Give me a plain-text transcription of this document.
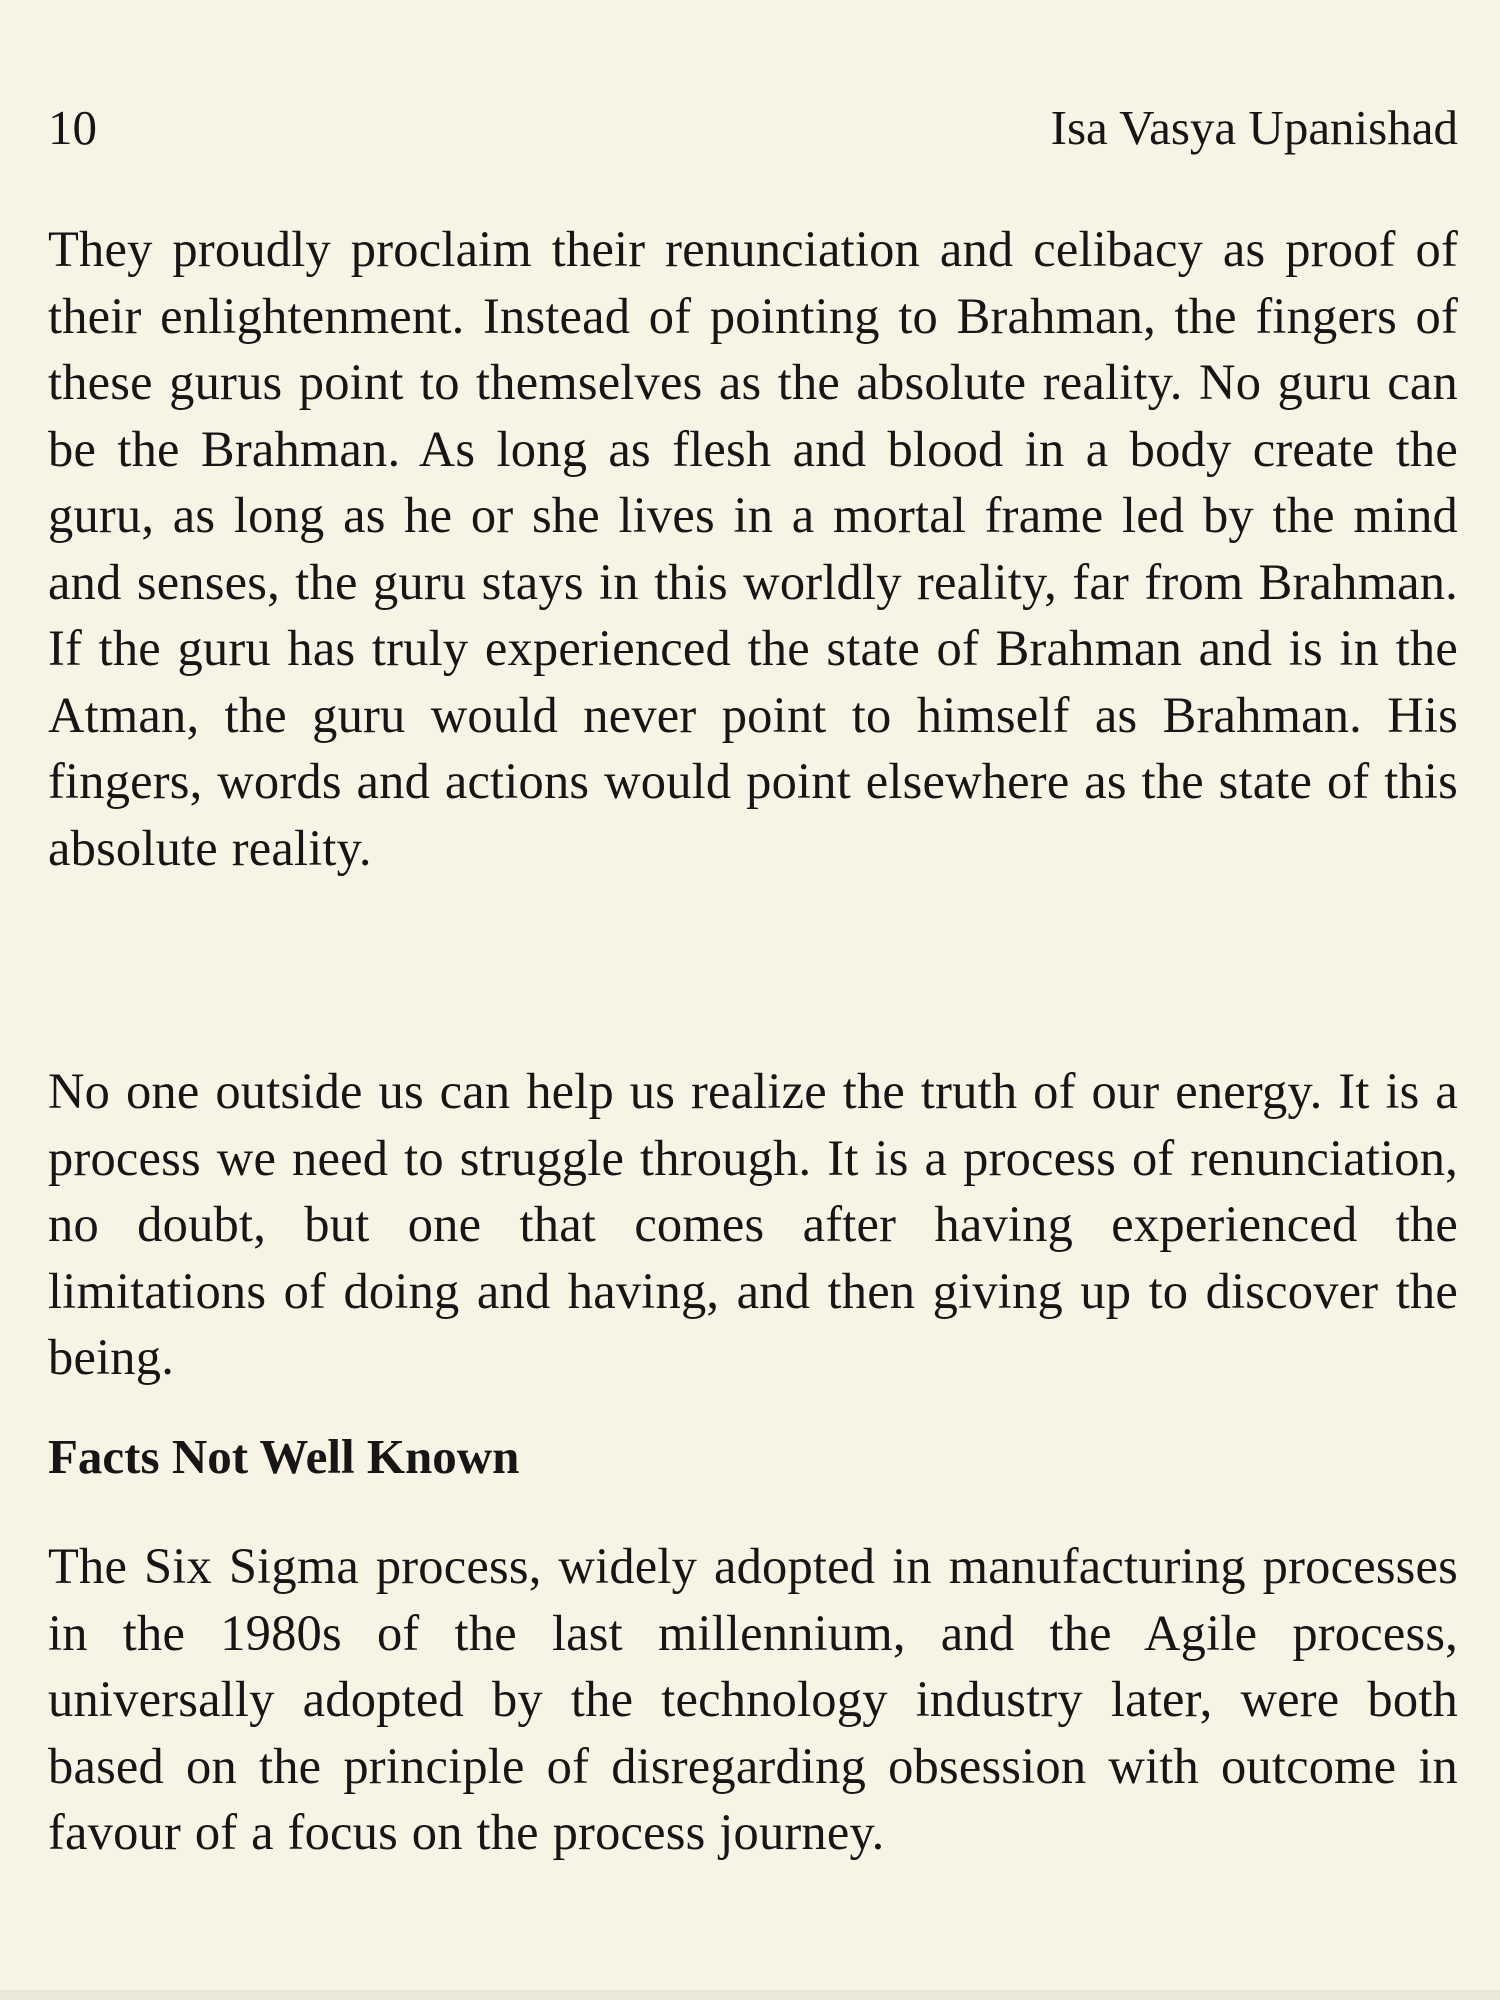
10	Isa Vasya Upanishad

They proudly proclaim their renunciation and celibacy as proof of their enlightenment. Instead of pointing to Brahman, the fingers of these gurus point to themselves as the absolute reality. No guru can be the Brahman. As long as flesh and blood in a body create the guru, as long as he or she lives in a mortal frame led by the mind and senses, the guru stays in this worldly reality, far from Brahman. If the guru has truly experienced the state of Brahman and is in the Atman, the guru would never point to himself as Brahman. His fingers, words and actions would point elsewhere as the state of this absolute reality.

No one outside us can help us realize the truth of our energy. It is a process we need to struggle through. It is a process of renunciation, no doubt, but one that comes after having experienced the limitations of doing and having, and then giving up to discover the being.

Facts Not Well Known

The Six Sigma process, widely adopted in manufacturing processes in the 1980s of the last millennium, and the Agile process, universally adopted by the technology industry later, were both based on the principle of disregarding obsession with outcome in favour of a focus on the process journey.
